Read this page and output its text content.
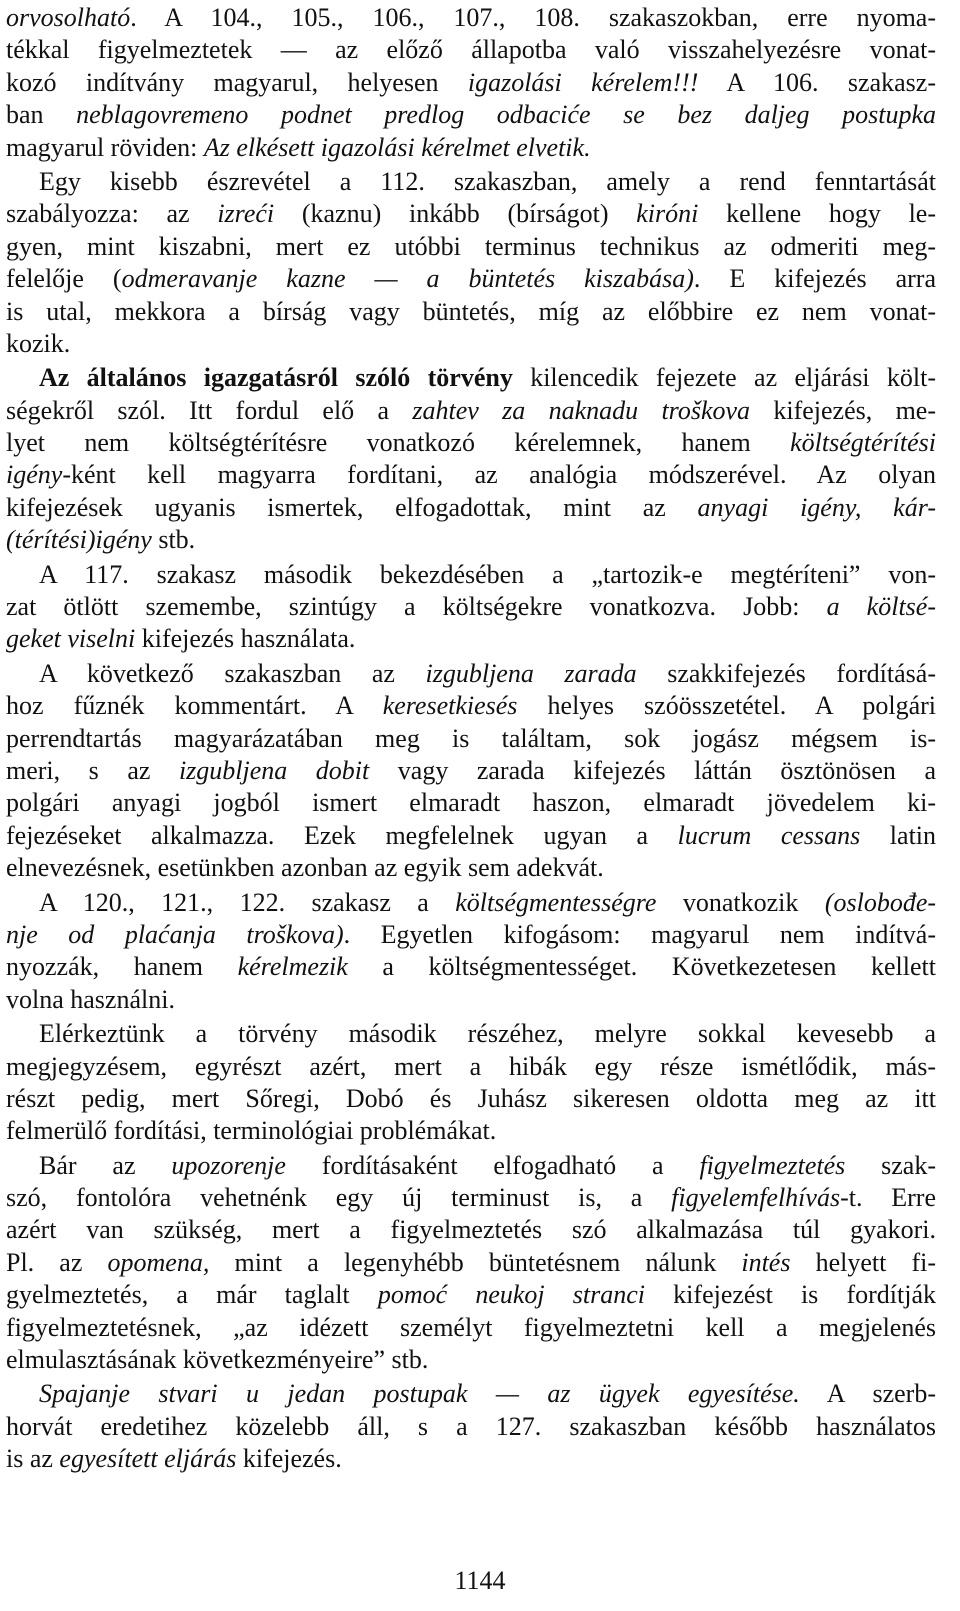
orvosolható. A 104., 105., 106., 107., 108. szakaszokban, erre nyoma-
tékkal figyelmeztetek — az előző állapotba való visszahelyezésre vonat-
kozó indítvány magyarul, helyesen igazolási kérelem!!! A 106. szakasz-
ban neblagovremeno podnet predlog odbaciće se bez daljeg postupka
magyarul röviden: Az elkésett igazolási kérelmet elvetik.
Egy kisebb észrevétel a 112. szakaszban, amely a rend fenntartását
szabályozza: az izreći (kaznu) inkább (bírságot) kiróni kellene hogy le-
gyen, mint kiszabni, mert ez utóbbi terminus technikus az odmeriti meg-
felelője (odmeravanje kazne — a büntetés kiszabása). E kifejezés arra
is utal, mekkora a bírság vagy büntetés, míg az előbbire ez nem vonat-
kozik.
Az általános igazgatásról szóló törvény kilencedik fejezete az eljárási költ-
ségekről szól. Itt fordul elő a zahtev za naknadu troškova kifejezés, me-
lyet nem költségtérítésre vonatkozó kérelemnek, hanem költségtérítési
igény-ként kell magyarra fordítani, az analógia módszerével. Az olyan
kifejezések ugyanis ismertek, elfogadottak, mint az anyagi igény, kár-
(térítési)igény stb.
A 117. szakasz második bekezdésében a „tartozik-e megtéríteni” von-
zat ötlött szemembe, szintúgy a költségekre vonatkozva. Jobb: a költsé-
geket viselni kifejezés használata.
A következő szakaszban az izgubljena zarada szakkifejezés fordításá-
hoz fűznék kommentárt. A keresetkiesés helyes szóösszetétel. A polgári
perrendtartás magyarázatában meg is találtam, sok jogász mégsem is-
meri, s az izgubljena dobit vagy zarada kifejezés láttán ösztönösen a
polgári anyagi jogból ismert elmaradt haszon, elmaradt jövedelem ki-
fejezéseket alkalmazza. Ezek megfelelnek ugyan a lucrum cessans latin
elnevezésnek, esetünkben azonban az egyik sem adekvát.
A 120., 121., 122. szakasz a költségmentességre vonatkozik (oslobođe-
nje od plaćanja troškova). Egyetlen kifogásom: magyarul nem indítvá-
nyozzák, hanem kérelmezik a költségmentességet. Következetesen kellett
volna használni.
Elérkeztünk a törvény második részéhez, melyre sokkal kevesebb a
megjegyzésem, egyrészt azért, mert a hibák egy része ismétlődik, más-
részt pedig, mert Sőregi, Dobó és Juhász sikeresen oldotta meg az itt
felmerülő fordítási, terminológiai problémákat.
Bár az upozorenje fordításaként elfogadható a figyelmeztetés szak-
szó, fontolóra vehetnénk egy új terminust is, a figyelemfelhívás-t. Erre
azért van szükség, mert a figyelmeztetés szó alkalmazása túl gyakori.
Pl. az opomena, mint a legenyhébb büntetésnem nálunk intés helyett fi-
gyelmeztetés, a már taglalt pomoć neukoj stranci kifejezést is fordítják
figyelmeztetésnek, „az idézett személyt figyelmeztetni kell a megjelenés
elmulasztásának következményeire” stb.
Spajanje stvari u jedan postupak — az ügyek egyesítése. A szerb-
horvát eredetihez közelebb áll, s a 127. szakaszban később használatos
is az egyesített eljárás kifejezés.
1144
